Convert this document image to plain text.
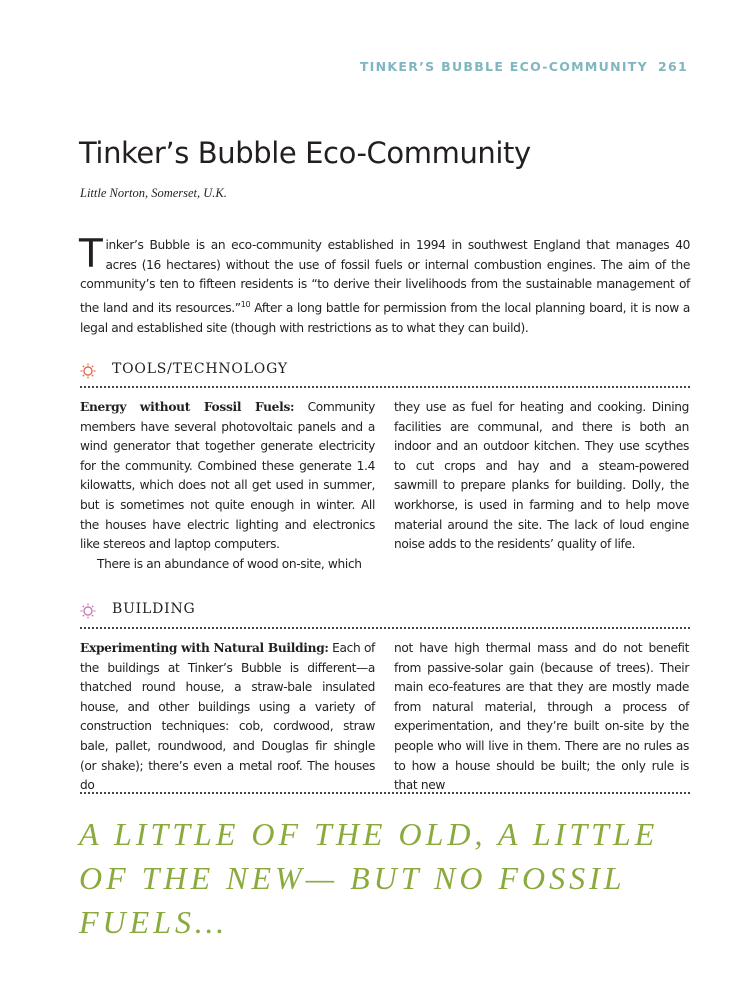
TINKER’S BUBBLE ECO-COMMUNITY 261
Tinker’s Bubble Eco-Community
Little Norton, Somerset, U.K.

Tinker’s Bubble is an eco-community established in 1994 in southwest England that manages 40 acres (16 hectares) without the use of fossil fuels or internal combustion engines. The aim of the community’s ten to fifteen residents is “to derive their livelihoods from the sustainable management of the land and its resources.”$^{10}$ After a long battle for permission from the local planning board, it is now a legal and established site (though with restrictions as to what they can build).

TOOLS/TECHNOLOGY

Energy without Fossil Fuels: Community members have several photovoltaic panels and a wind generator that together generate electricity for the community. Combined these generate 1.4 kilowatts, which does not all get used in summer, but is sometimes not quite enough in winter. All the houses have electric lighting and electronics like stereos and laptop computers.

There is an abundance of wood on-site, which

they use as fuel for heating and cooking. Dining facilities are communal, and there is both an indoor and an outdoor kitchen. They use scythes to cut crops and hay and a steam-powered sawmill to prepare planks for building. Dolly, the workhorse, is used in farming and to help move material around the site. The lack of loud engine noise adds to the residents’ quality of life.

BUILDING

Experimenting with Natural Building: Each of the buildings at Tinker’s Bubble is different—a thatched round house, a straw-bale insulated house, and other buildings using a variety of construction techniques: cob, cordwood, straw bale, pallet, roundwood, and Douglas fir shingle (or shake); there’s even a metal roof. The houses do

not have high thermal mass and do not benefit from passive-solar gain (because of trees). Their main eco-features are that they are mostly made from natural material, through a process of experimentation, and they’re built on-site by the people who will live in them. There are no rules as to how a house should be built; the only rule is that new

A LITTLE OF THE OLD, A LITTLE OF THE NEW— BUT NO FOSSIL FUELS…
